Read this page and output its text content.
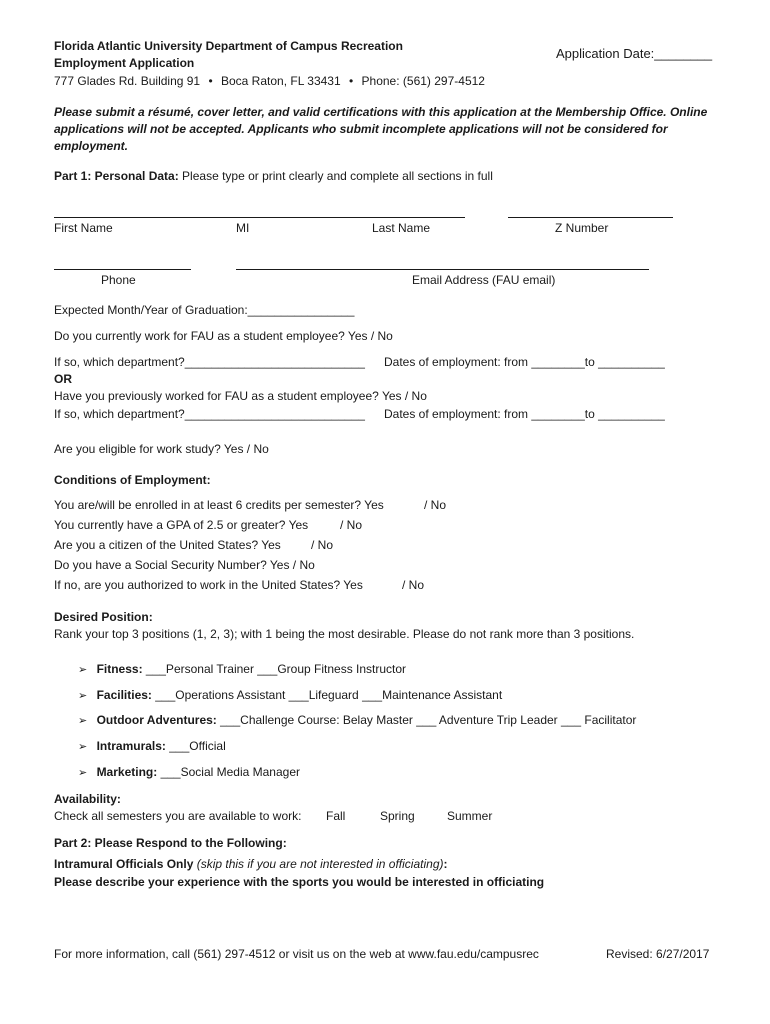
Florida Atlantic University Department of Campus Recreation
Employment Application
777 Glades Rd. Building 91 • Boca Raton, FL 33431 • Phone: (561) 297-4512
Application Date:________
Please submit a résumé, cover letter, and valid certifications with this application at the Membership Office. Online applications will not be accepted. Applicants who submit incomplete applications will not be considered for employment.
Part 1: Personal Data: Please type or print clearly and complete all sections in full
First Name	MI	Last Name	Z Number
Phone	Email Address (FAU email)
Expected Month/Year of Graduation:________________
Do you currently work for FAU as a student employee? Yes / No
If so, which department?___________________________ Dates of employment: from ________to __________
OR
Have you previously worked for FAU as a student employee? Yes / No
If so, which department?___________________________ Dates of employment: from ________to __________
Are you eligible for work study? Yes / No
Conditions of Employment:
You are/will be enrolled in at least 6 credits per semester? Yes	/ No
You currently have a GPA of 2.5 or greater? Yes	/ No
Are you a citizen of the United States? Yes	/ No
Do you have a Social Security Number? Yes / No
If no, are you authorized to work in the United States? Yes	/ No
Desired Position:
Rank your top 3 positions (1, 2, 3); with 1 being the most desirable. Please do not rank more than 3 positions.
➢ Fitness: ___Personal Trainer ___Group Fitness Instructor
➢ Facilities: ___Operations Assistant ___Lifeguard ___Maintenance Assistant
➢ Outdoor Adventures: ___Challenge Course: Belay Master ___ Adventure Trip Leader ___ Facilitator
➢ Intramurals: ___Official
➢ Marketing: ___Social Media Manager
Availability:
Check all semesters you are available to work: Fall	Spring	Summer
Part 2: Please Respond to the Following:
Intramural Officials Only (skip this if you are not interested in officiating):
Please describe your experience with the sports you would be interested in officiating
For more information, call (561) 297-4512 or visit us on the web at www.fau.edu/campusrec	Revised: 6/27/2017
